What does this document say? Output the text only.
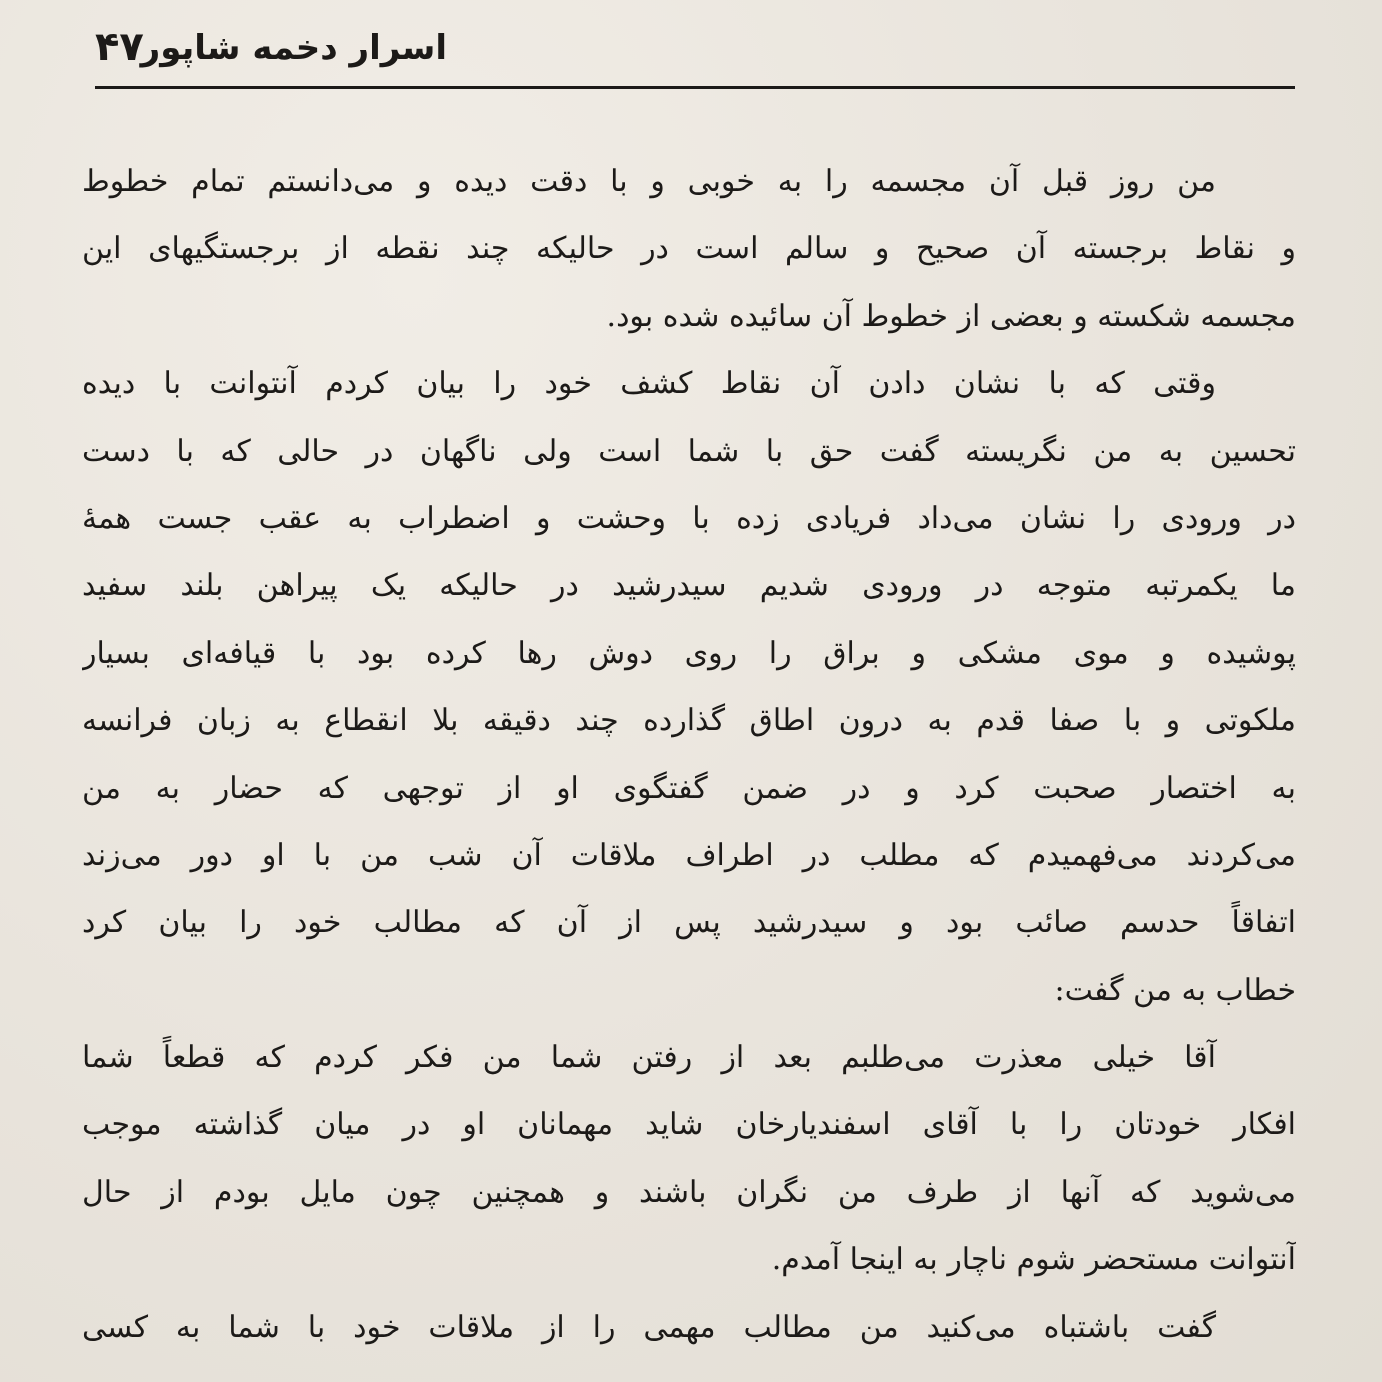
اسرار دخمه شاپور
۴۷
من روز قبل آن مجسمه را به خوبی و با دقت دیده و می‌دانستم تمام خطوط
و نقاط برجسته آن صحیح و سالم است در حالیکه چند نقطه از برجستگیهای این
مجسمه شکسته و بعضی از خطوط آن سائیده شده بود.
وقتی که با نشان دادن آن نقاط کشف خود را بیان کردم آنتوانت با دیده
تحسین به من نگریسته گفت حق با شما است ولی ناگهان در حالی که با دست
در ورودی را نشان می‌داد فریادی زده با وحشت و اضطراب به عقب جست همهٔ
ما یکمرتبه متوجه در ورودی شدیم سیدرشید در حالیکه یک پیراهن بلند سفید
پوشیده و موی مشکی و براق را روی دوش رها کرده بود با قیافه‌ای بسیار
ملکوتی و با صفا قدم به درون اطاق گذارده چند دقیقه بلا انقطاع به زبان فرانسه
به اختصار صحبت کرد و در ضمن گفتگوی او از توجهی که حضار به من
می‌کردند می‌فهمیدم که مطلب در اطراف ملاقات آن شب من با او دور می‌زند
اتفاقاً حدسم صائب بود و سیدرشید پس از آن که مطالب خود را بیان کرد
خطاب به من گفت:
آقا خیلی معذرت می‌طلبم بعد از رفتن شما من فکر کردم که قطعاً شما
افکار خودتان را با آقای اسفندیارخان شاید مهمانان او در میان گذاشته موجب
می‌شوید که آنها از طرف من نگران باشند و همچنین چون مایل بودم از حال
آنتوانت مستحضر شوم ناچار به اینجا آمدم.
گفت باشتباه می‌کنید من مطالب مهمی را از ملاقات خود با شما به کسی
